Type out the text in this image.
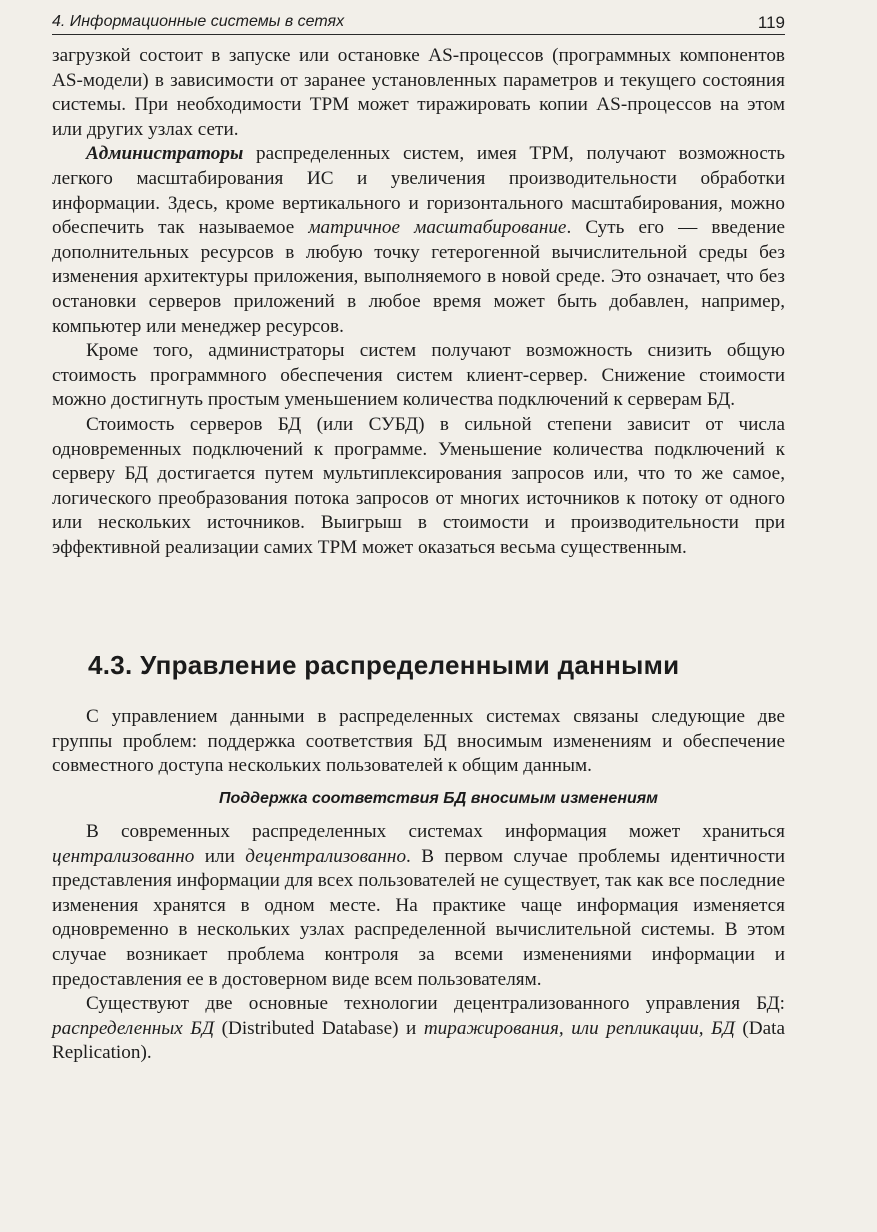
4. Информационные системы в сетях	119

загрузкой состоит в запуске или остановке AS-процессов (программных компонентов AS-модели) в зависимости от заранее установленных параметров и текущего состояния системы. При необходимости TPM может тиражировать копии AS-процессов на этом или других узлах сети.

Администраторы распределенных систем, имея TPM, получают возможность легкого масштабирования ИС и увеличения производительности обработки информации. Здесь, кроме вертикального и горизонтального масштабирования, можно обеспечить так называемое матричное масштабирование. Суть его — введение дополнительных ресурсов в любую точку гетерогенной вычислительной среды без изменения архитектуры приложения, выполняемого в новой среде. Это означает, что без остановки серверов приложений в любое время может быть добавлен, например, компьютер или менеджер ресурсов.

Кроме того, администраторы систем получают возможность снизить общую стоимость программного обеспечения систем клиент-сервер. Снижение стоимости можно достигнуть простым уменьшением количества подключений к серверам БД.

Стоимость серверов БД (или СУБД) в сильной степени зависит от числа одновременных подключений к программе. Уменьшение количества подключений к серверу БД достигается путем мультиплексирования запросов или, что то же самое, логического преобразования потока запросов от многих источников к потоку от одного или нескольких источников. Выигрыш в стоимости и производительности при эффективной реализации самих TPM может оказаться весьма существенным.

4.3. Управление распределенными данными

С управлением данными в распределенных системах связаны следующие две группы проблем: поддержка соответствия БД вносимым изменениям и обеспечение совместного доступа нескольких пользователей к общим данным.

Поддержка соответствия БД вносимым изменениям

В современных распределенных системах информация может храниться централизованно или децентрализованно. В первом случае проблемы идентичности представления информации для всех пользователей не существует, так как все последние изменения хранятся в одном месте. На практике чаще информация изменяется одновременно в нескольких узлах распределенной вычислительной системы. В этом случае возникает проблема контроля за всеми изменениями информации и предоставления ее в достоверном виде всем пользователям.

Существуют две основные технологии децентрализованного управления БД: распределенных БД (Distributed Database) и тиражирования, или репликации, БД (Data Replication).
